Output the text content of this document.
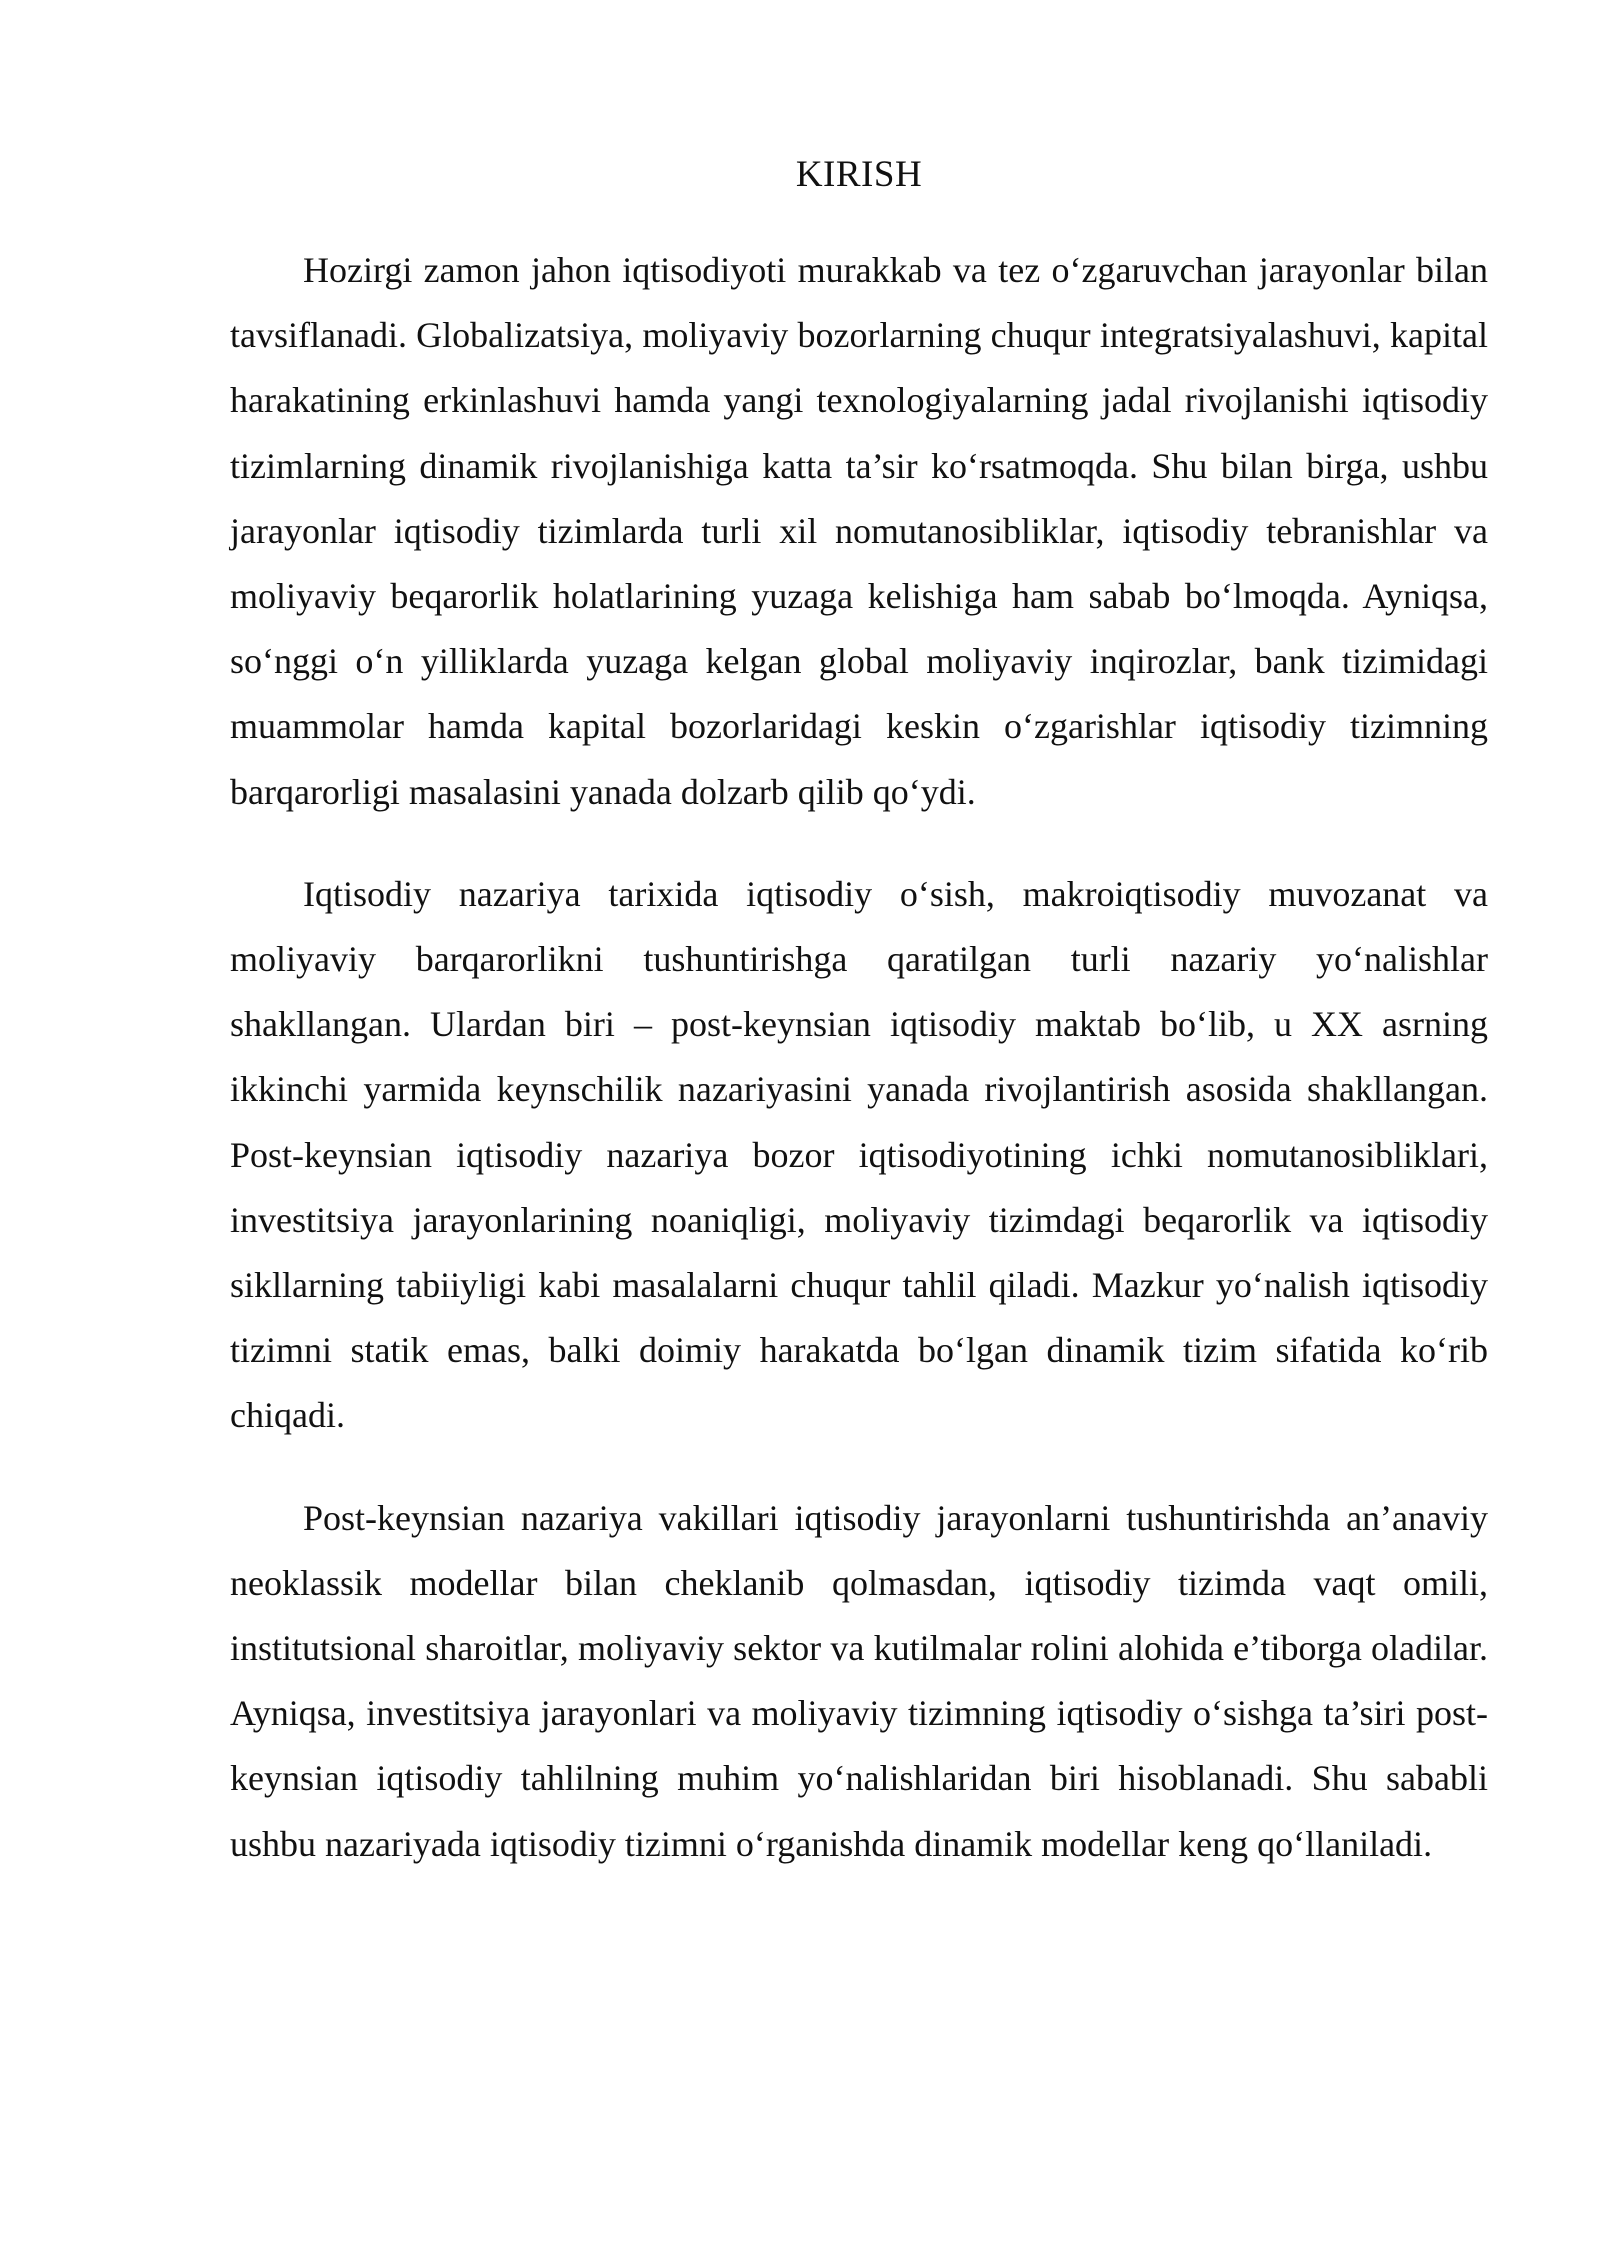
KIRISH

Hozirgi zamon jahon iqtisodiyoti murakkab va tez o‘zgaruvchan jarayonlar bilan tavsiflanadi. Globalizatsiya, moliyaviy bozorlarning chuqur integratsiyalashuvi, kapital harakatining erkinlashuvi hamda yangi texnologiyalarning jadal rivojlanishi iqtisodiy tizimlarning dinamik rivojlanishiga katta ta’sir ko‘rsatmoqda. Shu bilan birga, ushbu jarayonlar iqtisodiy tizimlarda turli xil nomutanosibliklar, iqtisodiy tebranishlar va moliyaviy beqarorlik holatlarining yuzaga kelishiga ham sabab bo‘lmoqda. Ayniqsa, so‘nggi o‘n yilliklarda yuzaga kelgan global moliyaviy inqirozlar, bank tizimidagi muammolar hamda kapital bozorlaridagi keskin o‘zgarishlar iqtisodiy tizimning barqarorligi masalasini yanada dolzarb qilib qo‘ydi.

Iqtisodiy nazariya tarixida iqtisodiy o‘sish, makroiqtisodiy muvozanat va moliyaviy barqarorlikni tushuntirishga qaratilgan turli nazariy yo‘nalishlar shakllangan. Ulardan biri – post-keynsian iqtisodiy maktab bo‘lib, u XX asrning ikkinchi yarmida keynschilik nazariyasini yanada rivojlantirish asosida shakllangan. Post-keynsian iqtisodiy nazariya bozor iqtisodiyotining ichki nomutanosibliklari, investitsiya jarayonlarining noaniqligi, moliyaviy tizimdagi beqarorlik va iqtisodiy sikllarning tabiiyligi kabi masalalarni chuqur tahlil qiladi. Mazkur yo‘nalish iqtisodiy tizimni statik emas, balki doimiy harakatda bo‘lgan dinamik tizim sifatida ko‘rib chiqadi.

Post-keynsian nazariya vakillari iqtisodiy jarayonlarni tushuntirishda an’anaviy neoklassik modellar bilan cheklanib qolmasdan, iqtisodiy tizimda vaqt omili, institutsional sharoitlar, moliyaviy sektor va kutilmalar rolini alohida e’tiborga oladilar. Ayniqsa, investitsiya jarayonlari va moliyaviy tizimning iqtisodiy o‘sishga ta’siri post-keynsian iqtisodiy tahlilning muhim yo‘nalishlaridan biri hisoblanadi. Shu sababli ushbu nazariyada iqtisodiy tizimni o‘rganishda dinamik modellar keng qo‘llaniladi.
